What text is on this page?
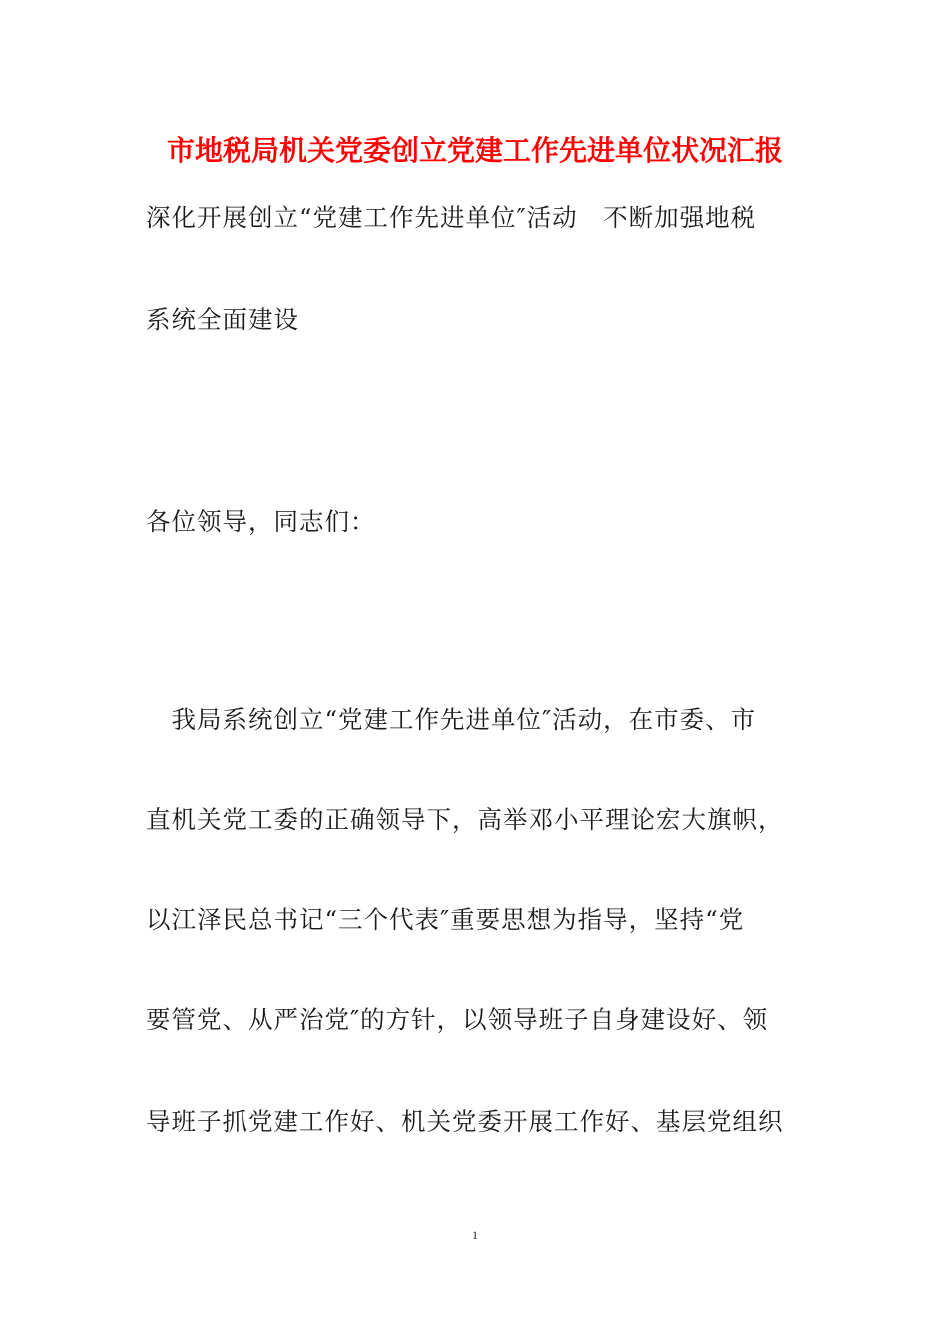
市地税局机关党委创立党建工作先进单位状况汇报
深化开展创立“党建工作先进单位″活动　不断加强地税
系统全面建设
各位领导，同志们：
　我局系统创立“党建工作先进单位″活动，在市委、市
直机关党工委的正确领导下，高举邓小平理论宏大旗帜，
以江泽民总书记“三个代表″重要思想为指导，坚持“党
要管党、从严治党″的方针，以领导班子自身建设好、领
导班子抓党建工作好、机关党委开展工作好、基层党组织
1
